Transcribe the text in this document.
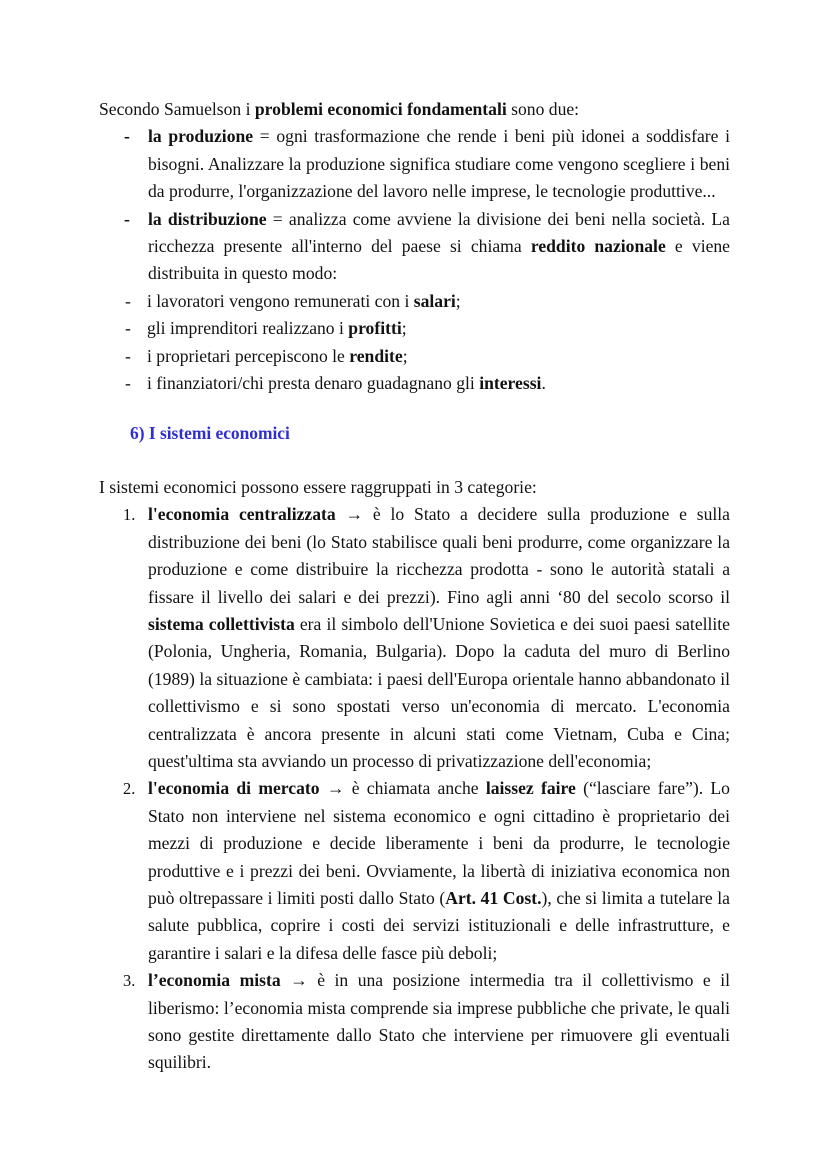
Secondo Samuelson i problemi economici fondamentali sono due:

- la produzione = ogni trasformazione che rende i beni più idonei a soddisfare i bisogni. Analizzare la produzione significa studiare come vengono scegliere i beni da produrre, l'organizzazione del lavoro nelle imprese, le tecnologie produttive...
- la distribuzione = analizza come avviene la divisione dei beni nella società. La ricchezza presente all'interno del paese si chiama reddito nazionale e viene distribuita in questo modo:
- i lavoratori vengono remunerati con i salari;
- gli imprenditori realizzano i profitti;
- i proprietari percepiscono le rendite;
- i finanziatori/chi presta denaro guadagnano gli interessi.
6) I sistemi economici

I sistemi economici possono essere raggruppati in 3 categorie:

1. l'economia centralizzata → è lo Stato a decidere sulla produzione e sulla distribuzione dei beni (lo Stato stabilisce quali beni produrre, come organizzare la produzione e come distribuire la ricchezza prodotta - sono le autorità statali a fissare il livello dei salari e dei prezzi). Fino agli anni ‘80 del secolo scorso il sistema collettivista era il simbolo dell'Unione Sovietica e dei suoi paesi satellite (Polonia, Ungheria, Romania, Bulgaria). Dopo la caduta del muro di Berlino (1989) la situazione è cambiata: i paesi dell'Europa orientale hanno abbandonato il collettivismo e si sono spostati verso un'economia di mercato. L'economia centralizzata è ancora presente in alcuni stati come Vietnam, Cuba e Cina; quest'ultima sta avviando un processo di privatizzazione dell'economia;
2. l'economia di mercato → è chiamata anche laissez faire (“lasciare fare”). Lo Stato non interviene nel sistema economico e ogni cittadino è proprietario dei mezzi di produzione e decide liberamente i beni da produrre, le tecnologie produttive e i prezzi dei beni. Ovviamente, la libertà di iniziativa economica non può oltrepassare i limiti posti dallo Stato (Art. 41 Cost.), che si limita a tutelare la salute pubblica, coprire i costi dei servizi istituzionali e delle infrastrutture, e garantire i salari e la difesa delle fasce più deboli;
3. l’economia mista → è in una posizione intermedia tra il collettivismo e il liberismo: l’economia mista comprende sia imprese pubbliche che private, le quali sono gestite direttamente dallo Stato che interviene per rimuovere gli eventuali squilibri.
